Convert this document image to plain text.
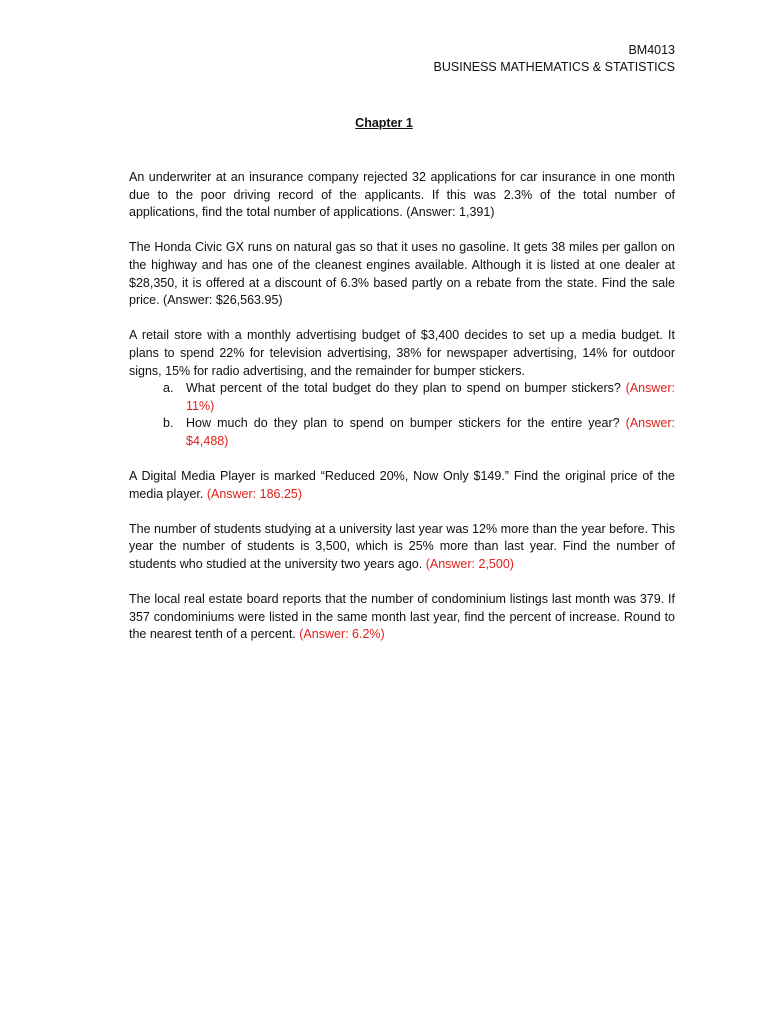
BM4013
BUSINESS MATHEMATICS & STATISTICS
Chapter 1

An underwriter at an insurance company rejected 32 applications for car insurance in one month due to the poor driving record of the applicants. If this was 2.3% of the total number of applications, find the total number of applications. (Answer: 1,391)

The Honda Civic GX runs on natural gas so that it uses no gasoline. It gets 38 miles per gallon on the highway and has one of the cleanest engines available. Although it is listed at one dealer at $28,350, it is offered at a discount of 6.3% based partly on a rebate from the state. Find the sale price. (Answer: $26,563.95)

A retail store with a monthly advertising budget of $3,400 decides to set up a media budget. It plans to spend 22% for television advertising, 38% for newspaper advertising, 14% for outdoor signs, 15% for radio advertising, and the remainder for bumper stickers.
a. What percent of the total budget do they plan to spend on bumper stickers? (Answer: 11%)
b. How much do they plan to spend on bumper stickers for the entire year? (Answer: $4,488)

A Digital Media Player is marked “Reduced 20%, Now Only $149.” Find the original price of the media player. (Answer: 186.25)

The number of students studying at a university last year was 12% more than the year before. This year the number of students is 3,500, which is 25% more than last year. Find the number of students who studied at the university two years ago. (Answer: 2,500)

The local real estate board reports that the number of condominium listings last month was 379. If 357 condominiums were listed in the same month last year, find the percent of increase. Round to the nearest tenth of a percent. (Answer: 6.2%)
